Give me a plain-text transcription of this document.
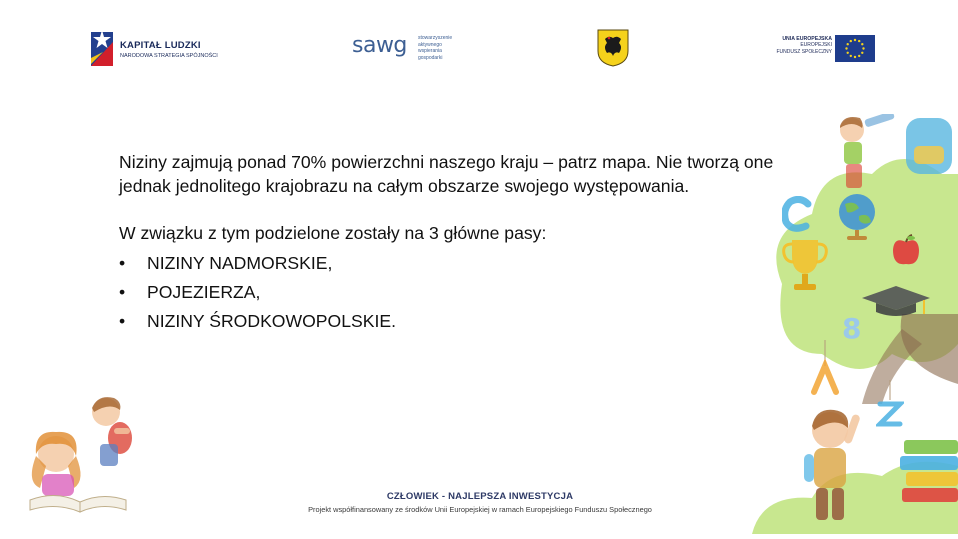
KAPITAŁ LUDZKI
NARODOWA STRATEGIA SPÓJNOŚCI	sawg stowarzyszenie
aktywnego
wspierania
gospodarki
UNIA EUROPEJSKA
EUROPEJSKI
FUNDUSZ SPOŁECZNY

Niziny zajmują ponad 70% powierzchni naszego kraju – patrz mapa. Nie tworzą one jednak jednolitego krajobrazu na całym obszarze swojego występowania.

W związku z tym podzielone zostały na 3 główne pasy:

• NIZINY NADMORSKIE,
• POJEZIERZA,
• NIZINY ŚRODKOWOPOLSKIE.
CZŁOWIEK - NAJLEPSZA INWESTYCJA
Projekt współfinansowany ze środków Unii Europejskiej w ramach Europejskiego Funduszu Społecznego
8
